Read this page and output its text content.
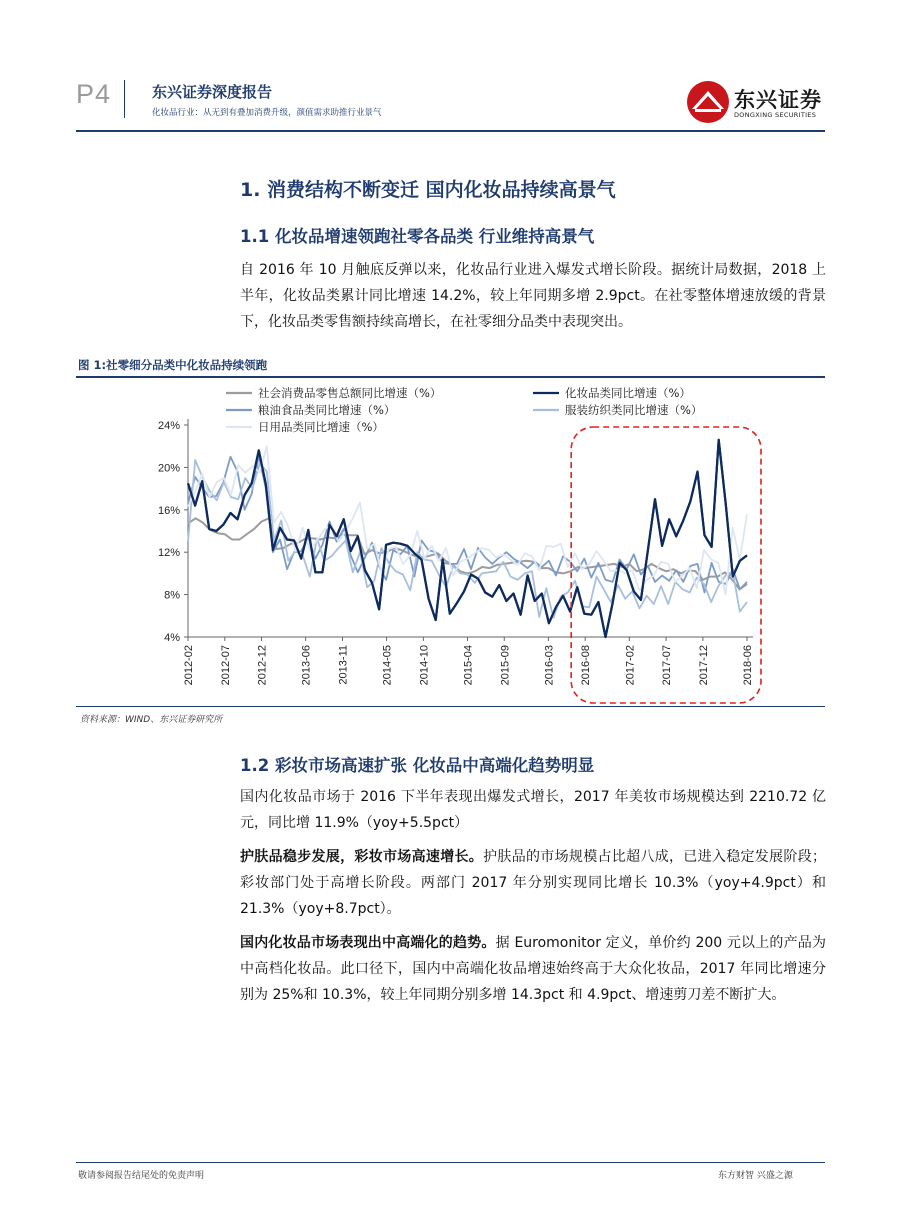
P4	东兴证券深度报告
化妆品行业：从无到有叠加消费升级，颜值需求助推行业景气
东兴证券
DONGXING SECURITIES
1. 消费结构不断变迁 国内化妆品持续高景气
1.1 化妆品增速领跑社零各品类 行业维持高景气
自 2016 年 10 月触底反弹以来，化妆品行业进入爆发式增长阶段。据统计局数据，2018 上半年，化妆品类累计同比增速 14.2%，较上年同期多增 2.9pct。在社零整体增速放缓的背景下，化妆品类零售额持续高增长，在社零细分品类中表现突出。
图 1:社零细分品类中化妆品持续领跑
4%
8%
12%
16%
20%
24%
2012-02 2012-07 2012-12	2013-06 2013-11	2014-05 2014-10	2015-04 2015-09	2016-03 2016-08	2017-02 2017-07 2017-12	2018-06
社会消费品零售总额同比增速（%）	化妆品类同比增速（%）
粮油食品类同比增速（%）	服装纺织类同比增速（%）
日用品类同比增速（%）
资料来源：WIND、东兴证券研究所
1.2 彩妆市场高速扩张 化妆品中高端化趋势明显
国内化妆品市场于 2016 下半年表现出爆发式增长，2017 年美妆市场规模达到 2210.72 亿元，同比增 11.9%（yoy+5.5pct）
护肤品稳步发展，彩妆市场高速增长。护肤品的市场规模占比超八成，已进入稳定发展阶段；彩妆部门处于高增长阶段。两部门 2017 年分别实现同比增长 10.3%（yoy+4.9pct）和 21.3%（yoy+8.7pct）。
国内化妆品市场表现出中高端化的趋势。据 Euromonitor 定义，单价约 200 元以上的产品为中高档化妆品。此口径下，国内中高端化妆品增速始终高于大众化妆品，2017 年同比增速分别为 25%和 10.3%，较上年同期分别多增 14.3pct 和 4.9pct、增速剪刀差不断扩大。
敬请参阅报告结尾处的免责声明	东方财智 兴盛之源
